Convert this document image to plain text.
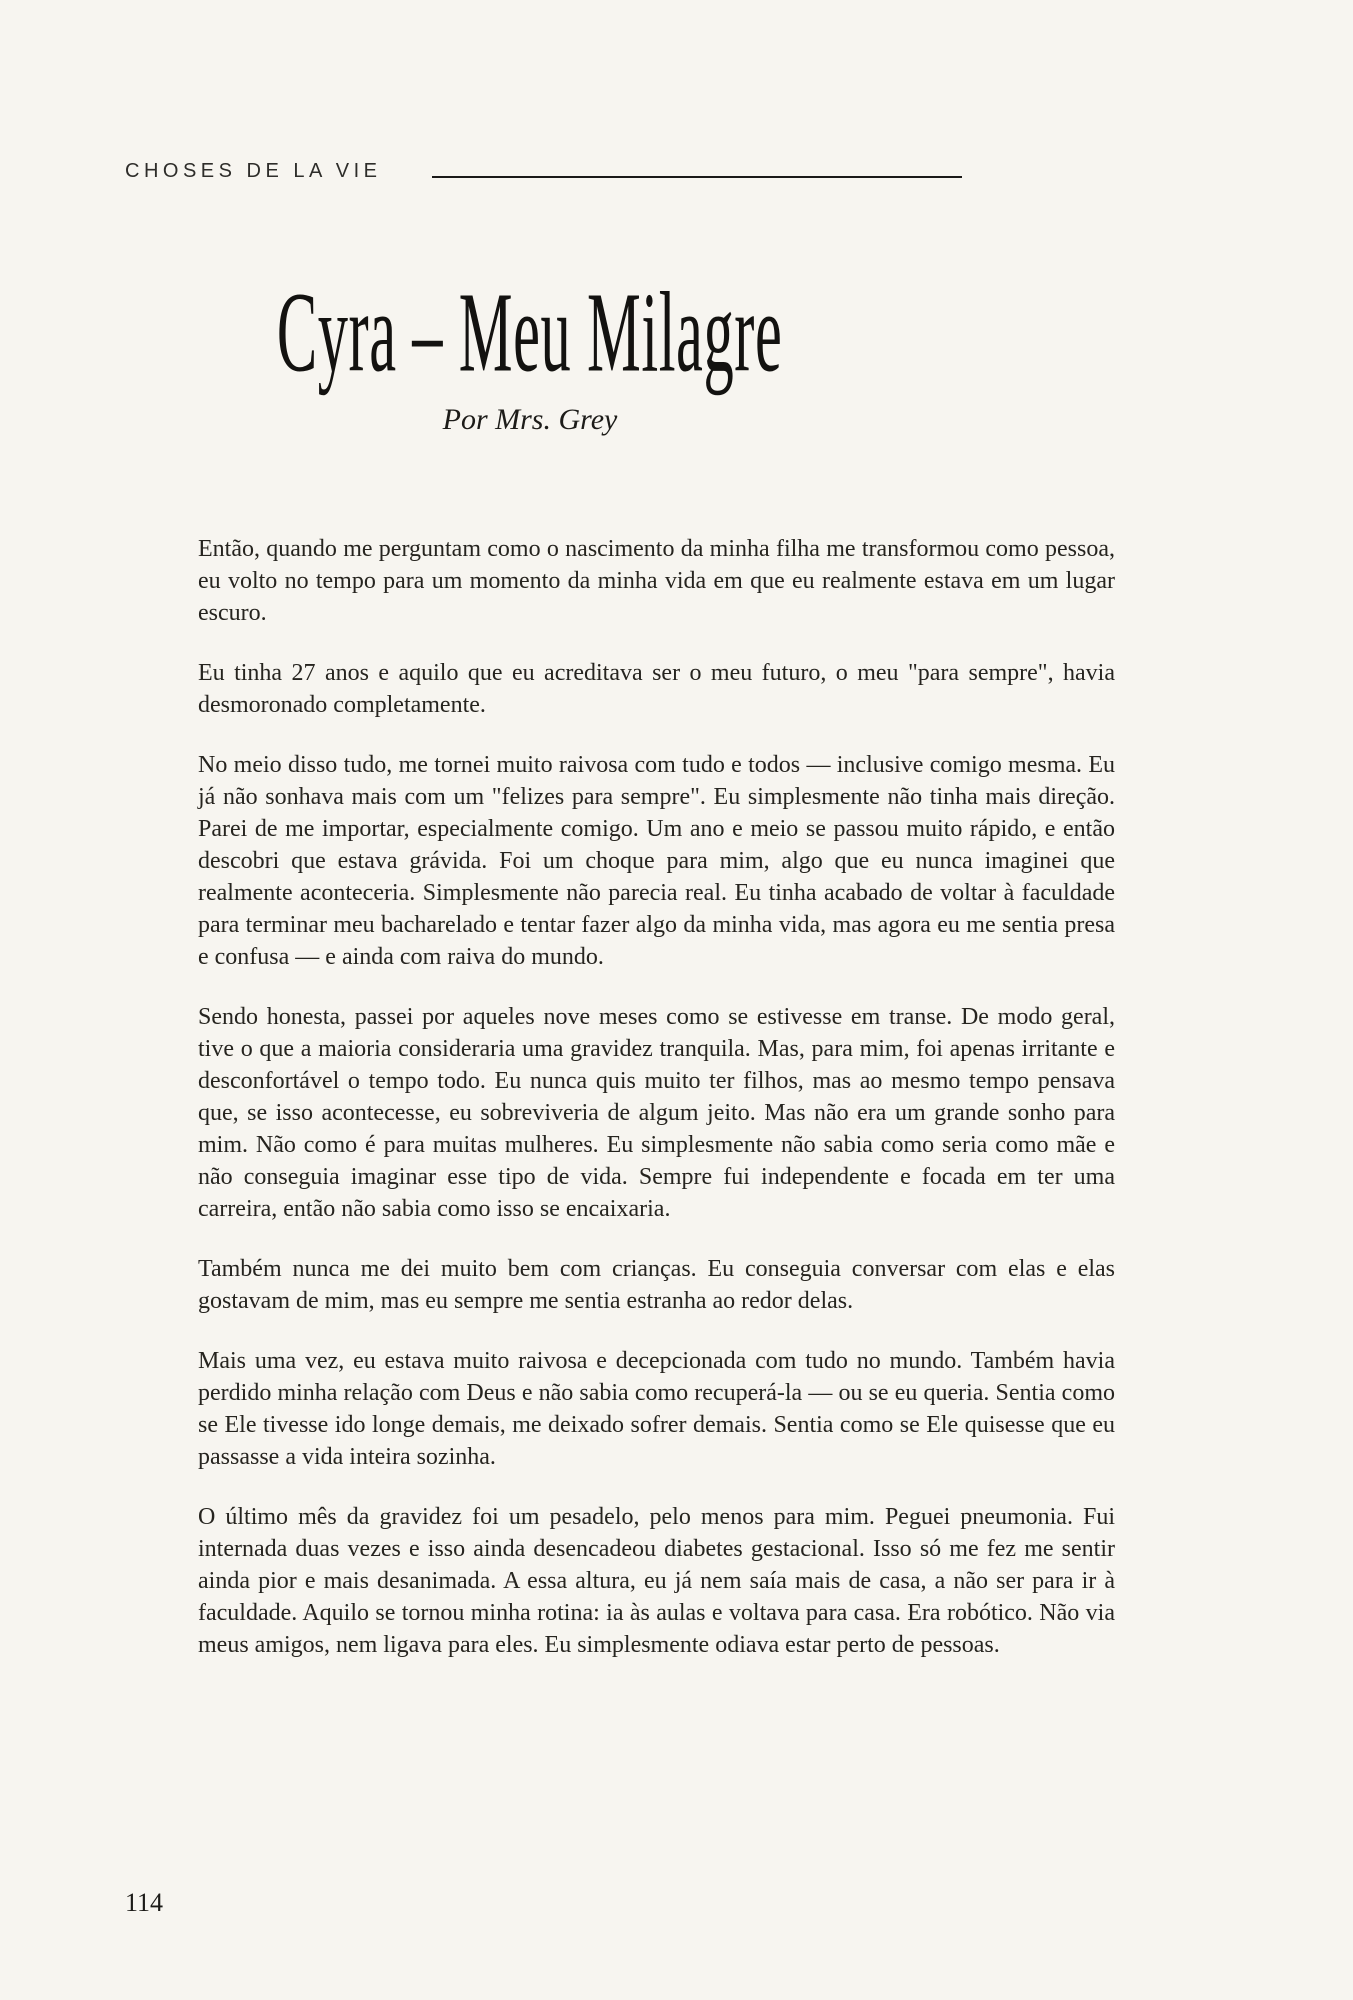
CHOSES DE LA VIE
Cyra – Meu Milagre
Por Mrs. Grey

Então, quando me perguntam como o nascimento da minha filha me transformou como pessoa, eu volto no tempo para um momento da minha vida em que eu realmente estava em um lugar escuro.

Eu tinha 27 anos e aquilo que eu acreditava ser o meu futuro, o meu "para sempre", havia desmoronado completamente.

No meio disso tudo, me tornei muito raivosa com tudo e todos — inclusive comigo mesma. Eu já não sonhava mais com um "felizes para sempre". Eu simplesmente não tinha mais direção. Parei de me importar, especialmente comigo. Um ano e meio se passou muito rápido, e então descobri que estava grávida. Foi um choque para mim, algo que eu nunca imaginei que realmente aconteceria. Simplesmente não parecia real. Eu tinha acabado de voltar à faculdade para terminar meu bacharelado e tentar fazer algo da minha vida, mas agora eu me sentia presa e confusa — e ainda com raiva do mundo.

Sendo honesta, passei por aqueles nove meses como se estivesse em transe. De modo geral, tive o que a maioria consideraria uma gravidez tranquila. Mas, para mim, foi apenas irritante e desconfortável o tempo todo. Eu nunca quis muito ter filhos, mas ao mesmo tempo pensava que, se isso acontecesse, eu sobreviveria de algum jeito. Mas não era um grande sonho para mim. Não como é para muitas mulheres. Eu simplesmente não sabia como seria como mãe e não conseguia imaginar esse tipo de vida. Sempre fui independente e focada em ter uma carreira, então não sabia como isso se encaixaria.

Também nunca me dei muito bem com crianças. Eu conseguia conversar com elas e elas gostavam de mim, mas eu sempre me sentia estranha ao redor delas.

Mais uma vez, eu estava muito raivosa e decepcionada com tudo no mundo. Também havia perdido minha relação com Deus e não sabia como recuperá-la — ou se eu queria. Sentia como se Ele tivesse ido longe demais, me deixado sofrer demais. Sentia como se Ele quisesse que eu passasse a vida inteira sozinha.

O último mês da gravidez foi um pesadelo, pelo menos para mim. Peguei pneumonia. Fui internada duas vezes e isso ainda desencadeou diabetes gestacional. Isso só me fez me sentir ainda pior e mais desanimada. A essa altura, eu já nem saía mais de casa, a não ser para ir à faculdade. Aquilo se tornou minha rotina: ia às aulas e voltava para casa. Era robótico. Não via meus amigos, nem ligava para eles. Eu simplesmente odiava estar perto de pessoas.

114
